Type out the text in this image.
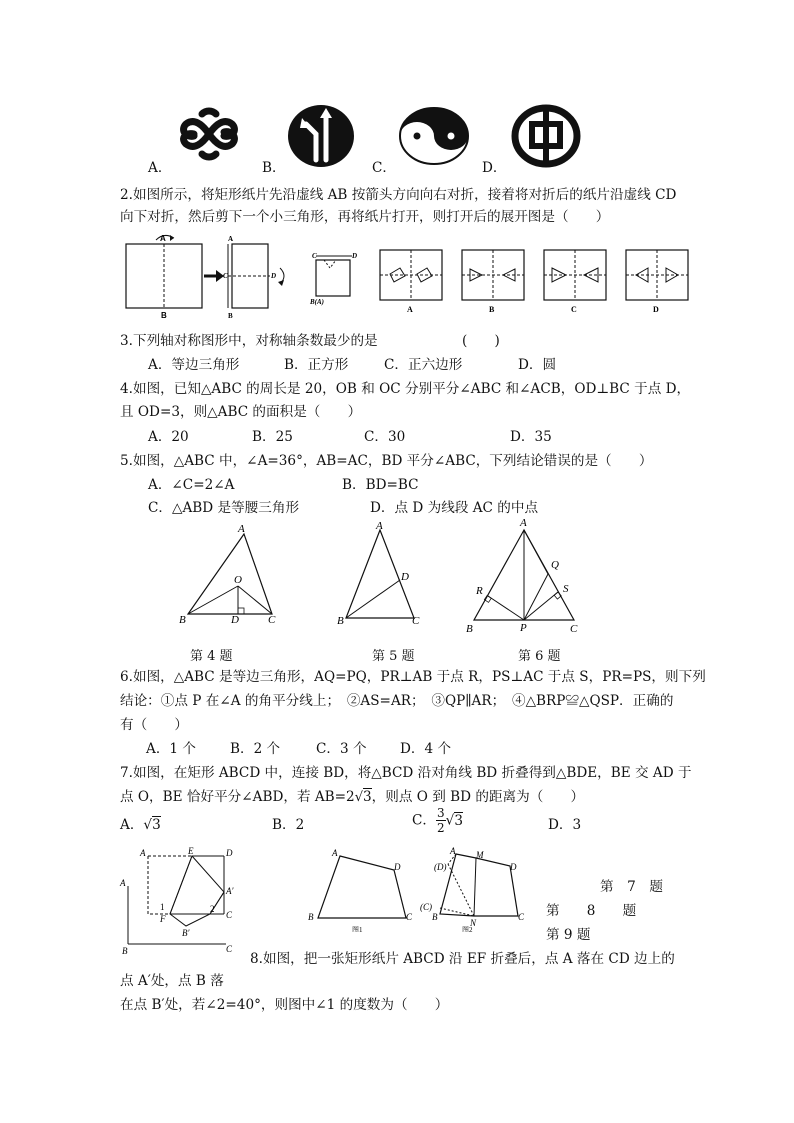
A．	B．	C．	D．
2.如图所示，将矩形纸片先沿虚线 AB 按箭头方向向右对折，接着将对折后的纸片沿虚线 CD
向下对折，然后剪下一个小三角形，再将纸片打开，则打开后的展开图是（　　）
A
B
A
C	D
B
C	D
B(A)
A	B	C	D
3.下列轴对称图形中，对称轴条数最少的是	(　　)
A．等边三角形	B．正方形	C．正六边形	D．圆
4.如图，已知△ABC 的周长是 20，OB 和 OC 分别平分∠ABC 和∠ACB，OD⊥BC 于点 D，
且 OD=3，则△ABC 的面积是（　　）
A．20	B．25	C．30	D．35
5.如图，△ABC 中，∠A=36°，AB=AC，BD 平分∠ABC，下列结论错误的是（　　）
A．∠C=2∠A	B．BD=BC
C．△ABD 是等腰三角形	D．点 D 为线段 AC 的中点
A
O
B	D	C
A
D
B	C
A
Q
R	S
B	P	C
第 4 题	第 5 题	第 6 题
6.如图，△ABC 是等边三角形，AQ=PQ，PR⊥AB 于点 R，PS⊥AC 于点 S，PR=PS，则下列
结论：①点 P 在∠A 的角平分线上；　②AS=AR；　③QP∥AR；　④△BRP≌△QSP．正确的
有（　　）
A．1 个	B．2 个	C．3 个 D．4 个
7.如图，在矩形 ABCD 中，连接 BD，将△BCD 沿对角线 BD 折叠得到△BDE，BE 交 AD 于
点 O，BE 恰好平分∠ABD，若 AB=2√3，则点 O 到 BD 的距离为（　　）
A．√3	B．2	C． $\frac{3}{2} √3$	D．3
A	E	D
A′
1	2
F
B′
C
A
B	C
A
D
B	C
图1
A M
(D)	D
(C)
B
N
C
图2
第　7　题
第　　8　　题
第 9 题
8.如图，把一张矩形纸片 ABCD 沿 EF 折叠后，点 A 落在 CD 边上的
点 A′处，点 B 落
在点 B′处，若∠2=40°，则图中∠1 的度数为（　　）
